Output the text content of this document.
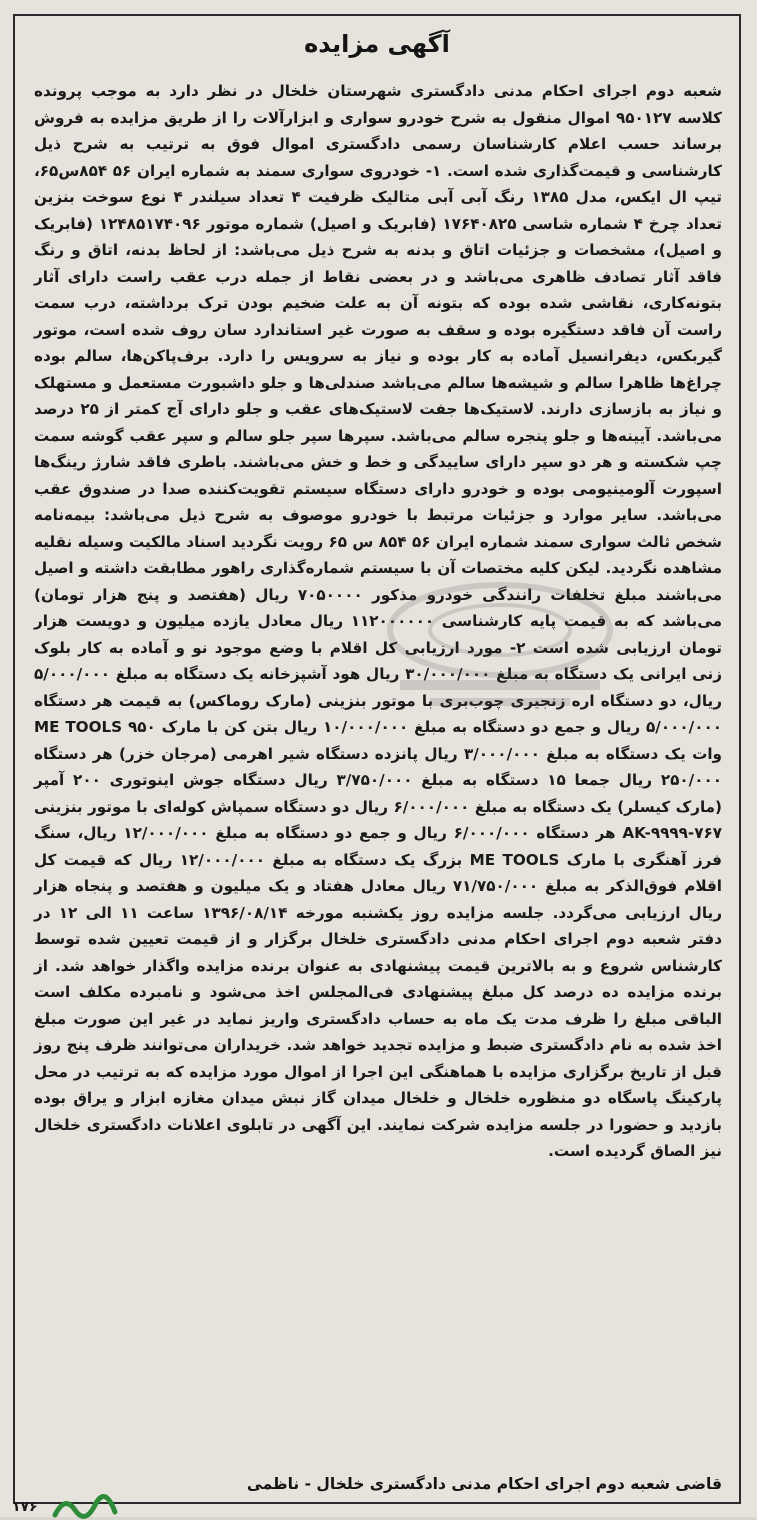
آگهی مزایده

شعبه دوم اجرای احکام مدنی دادگستری شهرستان خلخال در نظر دارد به موجب پرونده کلاسه ۹۵۰۱۲۷ اموال منقول به شرح خودرو سواری و ابزارآلات را از طریق مزایده به فروش برساند حسب اعلام کارشناسان رسمی دادگستری اموال فوق به ترتیب به شرح ذیل کارشناسی و قیمت‌گذاری شده است. ۱- خودروی سواری سمند به شماره ایران ۵۶ ۸۵۴س۶۵، تیپ ال ایکس، مدل ۱۳۸۵ رنگ آبی آبی متالیک ظرفیت ۴ تعداد سیلندر ۴ نوع سوخت بنزین تعداد چرخ ۴ شماره شاسی ۱۷۶۴۰۸۲۵ (فابریک و اصیل) شماره موتور ۱۲۴۸۵۱۷۴۰۹۶ (فابریک و اصیل)، مشخصات و جزئیات اتاق و بدنه به شرح ذیل می‌باشد: از لحاظ بدنه، اتاق و رنگ فاقد آثار تصادف ظاهری می‌باشد و در بعضی نقاط از جمله درب عقب راست دارای آثار بتونه‌کاری، نقاشی شده بوده که بتونه آن به علت ضخیم بودن ترک برداشته، درب سمت راست آن فاقد دستگیره بوده و سقف به صورت غیر استاندارد سان روف شده است، موتور گیربکس، دیفرانسیل آماده به کار بوده و نیاز به سرویس را دارد. برف‌پاکن‌ها، سالم بوده چراغ‌ها ظاهرا سالم و شیشه‌ها سالم می‌باشد صندلی‌ها و جلو داشبورت مستعمل و مستهلک و نیاز به بازسازی دارند. لاستیک‌ها جفت لاستیک‌های عقب و جلو دارای آج کمتر از ۲۵ درصد می‌باشد. آیینه‌ها و جلو پنجره سالم می‌باشد. سپرها سپر جلو سالم و سپر عقب گوشه سمت چپ شکسته و هر دو سپر دارای ساییدگی و خط و خش می‌باشند. باطری فاقد شارژ رینگ‌ها اسپورت آلومینیومی بوده و خودرو دارای دستگاه سیستم تقویت‌کننده صدا در صندوق عقب می‌باشد. سایر موارد و جزئیات مرتبط با خودرو موصوف به شرح ذیل می‌باشد: بیمه‌نامه شخص ثالث سواری سمند شماره ایران ۵۶ ۸۵۴ س ۶۵ رویت نگردید اسناد مالکیت وسیله نقلیه مشاهده نگردید. لیکن کلیه مختصات آن با سیستم شماره‌گذاری راهور مطابقت داشته و اصیل می‌باشند مبلغ تخلفات رانندگی خودرو مذکور ۷۰۵۰۰۰۰ ریال (هفتصد و پنج هزار تومان) می‌باشد که به قیمت پایه کارشناسی ۱۱۲۰۰۰۰۰۰ ریال معادل یازده میلیون و دویست هزار تومان ارزیابی شده است ۲- مورد ارزیابی کل اقلام با وضع موجود نو و آماده به کار بلوک زنی ایرانی یک دستگاه به مبلغ ۳۰/۰۰۰/۰۰۰ ریال هود آشپزخانه یک دستگاه به مبلغ ۵/۰۰۰/۰۰۰ ریال، دو دستگاه اره زنجیری چوب‌بری با موتور بنزینی (مارک روماکس) به قیمت هر دستگاه ۵/۰۰۰/۰۰۰ ریال و جمع دو دستگاه به مبلغ ۱۰/۰۰۰/۰۰۰ ریال بتن کن با مارک ME TOOLS ۹۵۰ وات یک دستگاه به مبلغ ۳/۰۰۰/۰۰۰ ریال پانزده دستگاه شیر اهرمی (مرجان خزر) هر دستگاه ۲۵۰/۰۰۰ ریال جمعا ۱۵ دستگاه به مبلغ ۳/۷۵۰/۰۰۰ ریال دستگاه جوش اینوتوری ۲۰۰ آمپر (مارک کیسلر) یک دستگاه به مبلغ ۶/۰۰۰/۰۰۰ ریال دو دستگاه سمپاش کوله‌ای با موتور بنزینی AK-۹۹۹۹-۷۶۷ هر دستگاه ۶/۰۰۰/۰۰۰ ریال و جمع دو دستگاه به مبلغ ۱۲/۰۰۰/۰۰۰ ریال، سنگ فرز آهنگری با مارک ME TOOLS بزرگ یک دستگاه به مبلغ ۱۲/۰۰۰/۰۰۰ ریال که قیمت کل اقلام فوق‌الذکر به مبلغ ۷۱/۷۵۰/۰۰۰ ریال معادل هفتاد و یک میلیون و هفتصد و پنجاه هزار ریال ارزیابی می‌گردد. جلسه مزایده روز یکشنبه مورخه ۱۳۹۶/۰۸/۱۴ ساعت ۱۱ الی ۱۲ در دفتر شعبه دوم اجرای احکام مدنی دادگستری خلخال برگزار و از قیمت تعیین شده توسط کارشناس شروع و به بالاترین قیمت پیشنهادی به عنوان برنده مزایده واگذار خواهد شد. از برنده مزایده ده درصد کل مبلغ پیشنهادی فی‌المجلس اخذ می‌شود و نامبرده مکلف است الباقی مبلغ را ظرف مدت یک ماه به حساب دادگستری واریز نماید در غیر این صورت مبلغ اخذ شده به نام دادگستری ضبط و مزایده تجدید خواهد شد. خریداران می‌توانند ظرف پنج روز قبل از تاریخ برگزاری مزایده با هماهنگی این اجرا از اموال مورد مزایده که به ترتیب در محل پارکینگ پاسگاه دو منظوره خلخال و خلخال میدان گاز نبش میدان مغازه ابزار و یراق بوده بازدید و حضورا در جلسه مزایده شرکت نمایند. این آگهی در تابلوی اعلانات دادگستری خلخال نیز الصاق گردیده است.

قاضی شعبه دوم اجرای احکام مدنی دادگستری خلخال - ناظمی

۱۷۶
